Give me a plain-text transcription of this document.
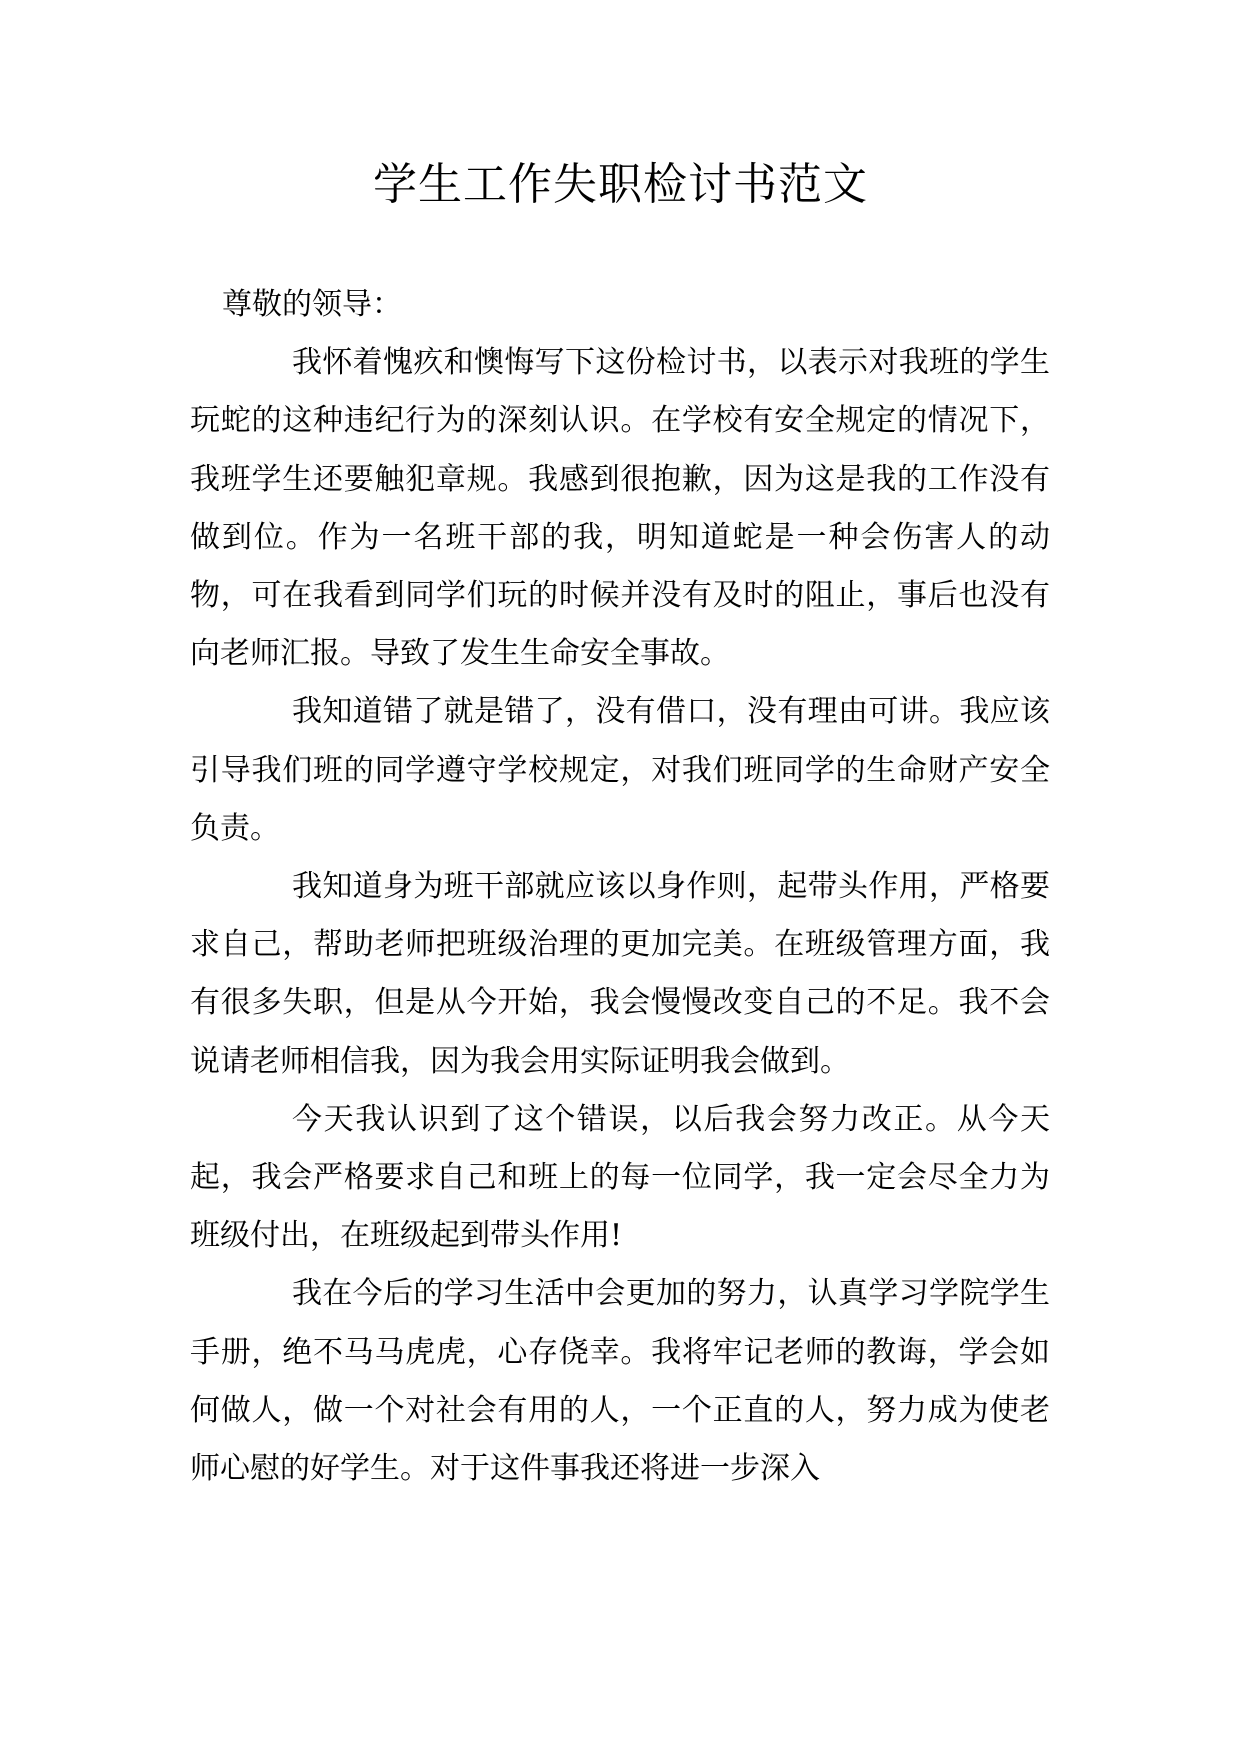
学生工作失职检讨书范文

尊敬的领导：

我怀着愧疚和懊悔写下这份检讨书，以表示对我班的学生玩蛇的这种违纪行为的深刻认识。在学校有安全规定的情况下，我班学生还要触犯章规。我感到很抱歉，因为这是我的工作没有做到位。作为一名班干部的我，明知道蛇是一种会伤害人的动物，可在我看到同学们玩的时候并没有及时的阻止，事后也没有向老师汇报。导致了发生生命安全事故。

我知道错了就是错了，没有借口，没有理由可讲。我应该引导我们班的同学遵守学校规定，对我们班同学的生命财产安全负责。

我知道身为班干部就应该以身作则，起带头作用，严格要求自己，帮助老师把班级治理的更加完美。在班级管理方面，我有很多失职，但是从今开始，我会慢慢改变自己的不足。我不会说请老师相信我，因为我会用实际证明我会做到。

今天我认识到了这个错误，以后我会努力改正。从今天起，我会严格要求自己和班上的每一位同学，我一定会尽全力为班级付出，在班级起到带头作用!

我在今后的学习生活中会更加的努力，认真学习学院学生手册，绝不马马虎虎，心存侥幸。我将牢记老师的教诲，学会如何做人，做一个对社会有用的人，一个正直的人，努力成为使老师心慰的好学生。对于这件事我还将进一步深入
